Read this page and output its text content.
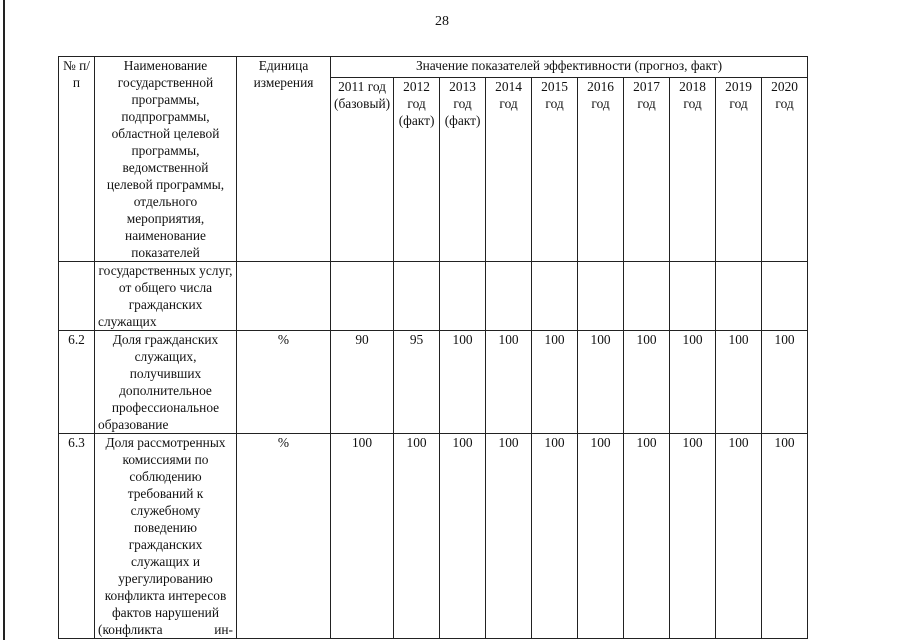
28
№ п/п	Наименование государственной программы, подпрограммы, областной целевой программы, ведомственной целевой программы, отдельного мероприятия, наименование показателей	Единица измерения	Значение показателей эффективности (прогноз, факт)									
			2011 год (базовый)	2012 год (факт)	2013 год (факт)	2014 год	2015 год	2016 год	2017 год	2018 год	2019 год	2020 год
	государственных услуг, от общего числа гражданских служащих											
6.2	Доля гражданских служащих, получивших дополнительное профессиональное образование	%	90	95	100	100	100	100	100	100	100	100
6.3	Доля рассмотренных комиссиями по соблюдению требований к служебному поведению гражданских служащих и урегулированию конфликта интересов фактов нарушений (конфликта ин-	%	100	100	100	100	100	100	100	100	100	100
